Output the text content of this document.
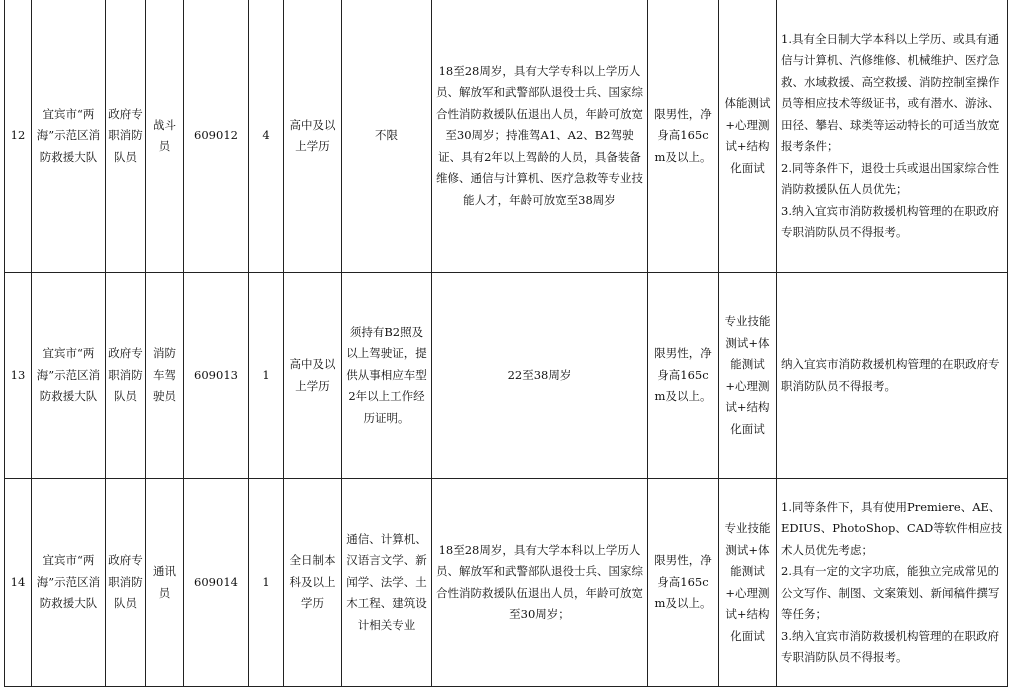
12	宜宾市“两海”示范区消防救援大队	政府专职消防队员	战斗员	609012	4	高中及以上学历	不限	18至28周岁，具有大学专科以上学历人员、解放军和武警部队退役士兵、国家综合性消防救援队伍退出人员，年龄可放宽至30周岁；持准驾A1、A2、B2驾驶证、具有2年以上驾龄的人员，具备装备维修、通信与计算机、医疗急救等专业技能人才，年龄可放宽至38周岁	限男性，净身高165cm及以上。	体能测试+心理测试+结构化面试	1.具有全日制大学本科以上学历、或具有通信与计算机、汽修维修、机械维护、医疗急救、水域救援、高空救援、消防控制室操作员等相应技术等级证书，或有潜水、游泳、田径、攀岩、球类等运动特长的可适当放宽报考条件；
2.同等条件下，退役士兵或退出国家综合性消防救援队伍人员优先；
3.纳入宜宾市消防救援机构管理的在职政府专职消防队员不得报考。

13	宜宾市“两海”示范区消防救援大队	政府专职消防队员	消防车驾驶员	609013	1	高中及以上学历	须持有B2照及以上驾驶证，提供从事相应车型2年以上工作经历证明。	22至38周岁	限男性，净身高165cm及以上。	专业技能测试+体能测试+心理测试+结构化面试	纳入宜宾市消防救援机构管理的在职政府专职消防队员不得报考。

14	宜宾市“两海”示范区消防救援大队	政府专职消防队员	通讯员	609014	1	全日制本科及以上学历	通信、计算机、汉语言文学、新闻学、法学、土木工程、建筑设计相关专业	18至28周岁，具有大学本科以上学历人员、解放军和武警部队退役士兵、国家综合性消防救援队伍退出人员，年龄可放宽至30周岁；	限男性，净身高165cm及以上。	专业技能测试+体能测试+心理测试+结构化面试	1.同等条件下，具有使用Premiere、AE、EDIUS、PhotoShop、CAD等软件相应技术人员优先考虑；
2.具有一定的文字功底，能独立完成常见的公文写作、制图、文案策划、新闻稿件撰写等任务；
3.纳入宜宾市消防救援机构管理的在职政府专职消防队员不得报考。
